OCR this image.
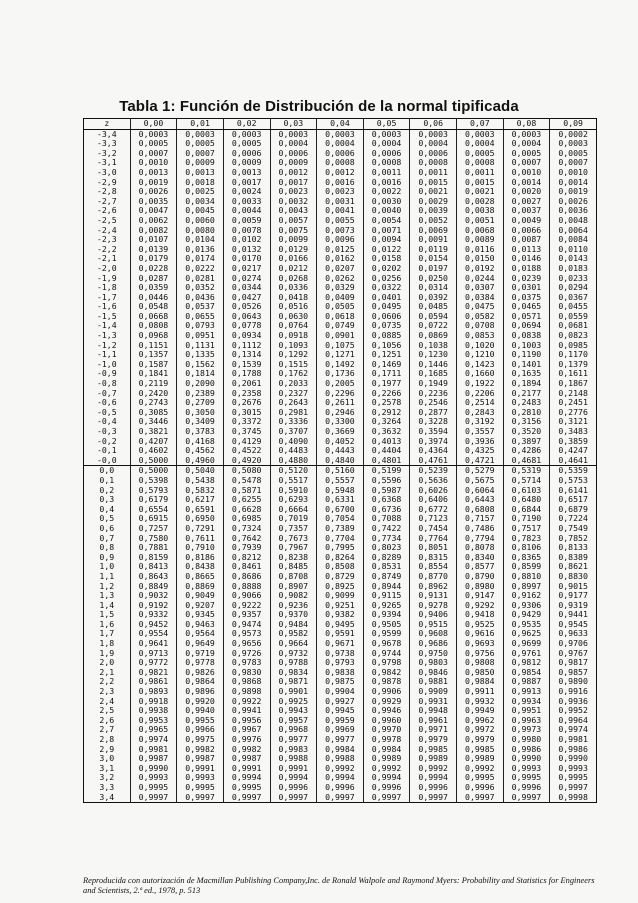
Tabla 1: Función de Distribución de la normal tipificada
z	0,00	0,01	0,02	0,03	0,04	0,05	0,06	0,07	0,08	0,09
-3,4	0,0003	0,0003	0,0003	0,0003	0,0003	0,0003	0,0003	0,0003	0,0003	0,0002
-3,3	0,0005	0,0005	0,0005	0,0004	0,0004	0,0004	0,0004	0,0004	0,0004	0,0003
-3,2	0,0007	0,0007	0,0006	0,0006	0,0006	0,0006	0,0006	0,0005	0,0005	0,0005
-3,1	0,0010	0,0009	0,0009	0,0009	0,0008	0,0008	0,0008	0,0008	0,0007	0,0007
-3,0	0,0013	0,0013	0,0013	0,0012	0,0012	0,0011	0,0011	0,0011	0,0010	0,0010
-2,9	0,0019	0,0018	0,0017	0,0017	0,0016	0,0016	0,0015	0,0015	0,0014	0,0014
-2,8	0,0026	0,0025	0,0024	0,0023	0,0023	0,0022	0,0021	0,0021	0,0020	0,0019
-2,7	0,0035	0,0034	0,0033	0,0032	0,0031	0,0030	0,0029	0,0028	0,0027	0,0026
-2,6	0,0047	0,0045	0,0044	0,0043	0,0041	0,0040	0,0039	0,0038	0,0037	0,0036
-2,5	0,0062	0,0060	0,0059	0,0057	0,0055	0,0054	0,0052	0,0051	0,0049	0,0048
-2,4	0,0082	0,0080	0,0078	0,0075	0,0073	0,0071	0,0069	0,0068	0,0066	0,0064
-2,3	0,0107	0,0104	0,0102	0,0099	0,0096	0,0094	0,0091	0,0089	0,0087	0,0084
-2,2	0,0139	0,0136	0,0132	0,0129	0,0125	0,0122	0,0119	0,0116	0,0113	0,0110
-2,1	0,0179	0,0174	0,0170	0,0166	0,0162	0,0158	0,0154	0,0150	0,0146	0,0143
-2,0	0,0228	0,0222	0,0217	0,0212	0,0207	0,0202	0,0197	0,0192	0,0188	0,0183
-1,9	0,0287	0,0281	0,0274	0,0268	0,0262	0,0256	0,0250	0,0244	0,0239	0,0233
-1,8	0,0359	0,0352	0,0344	0,0336	0,0329	0,0322	0,0314	0,0307	0,0301	0,0294
-1,7	0,0446	0,0436	0,0427	0,0418	0,0409	0,0401	0,0392	0,0384	0,0375	0,0367
-1,6	0,0548	0,0537	0,0526	0,0516	0,0505	0,0495	0,0485	0,0475	0,0465	0,0455
-1,5	0,0668	0,0655	0,0643	0,0630	0,0618	0,0606	0,0594	0,0582	0,0571	0,0559
-1,4	0,0808	0,0793	0,0778	0,0764	0,0749	0,0735	0,0722	0,0708	0,0694	0,0681
-1,3	0,0968	0,0951	0,0934	0,0918	0,0901	0,0885	0,0869	0,0853	0,0838	0,0823
-1,2	0,1151	0,1131	0,1112	0,1093	0,1075	0,1056	0,1038	0,1020	0,1003	0,0985
-1,1	0,1357	0,1335	0,1314	0,1292	0,1271	0,1251	0,1230	0,1210	0,1190	0,1170
-1,0	0,1587	0,1562	0,1539	0,1515	0,1492	0,1469	0,1446	0,1423	0,1401	0,1379
-0,9	0,1841	0,1814	0,1788	0,1762	0,1736	0,1711	0,1685	0,1660	0,1635	0,1611
-0,8	0,2119	0,2090	0,2061	0,2033	0,2005	0,1977	0,1949	0,1922	0,1894	0,1867
-0,7	0,2420	0,2389	0,2358	0,2327	0,2296	0,2266	0,2236	0,2206	0,2177	0,2148
-0,6	0,2743	0,2709	0,2676	0,2643	0,2611	0,2578	0,2546	0,2514	0,2483	0,2451
-0,5	0,3085	0,3050	0,3015	0,2981	0,2946	0,2912	0,2877	0,2843	0,2810	0,2776
-0,4	0,3446	0,3409	0,3372	0,3336	0,3300	0,3264	0,3228	0,3192	0,3156	0,3121
-0,3	0,3821	0,3783	0,3745	0,3707	0,3669	0,3632	0,3594	0,3557	0,3520	0,3483
-0,2	0,4207	0,4168	0,4129	0,4090	0,4052	0,4013	0,3974	0,3936	0,3897	0,3859
-0,1	0,4602	0,4562	0,4522	0,4483	0,4443	0,4404	0,4364	0,4325	0,4286	0,4247
-0,0	0,5000	0,4960	0,4920	0,4880	0,4840	0,4801	0,4761	0,4721	0,4681	0,4641
0,0	0,5000	0,5040	0,5080	0,5120	0,5160	0,5199	0,5239	0,5279	0,5319	0,5359
0,1	0,5398	0,5438	0,5478	0,5517	0,5557	0,5596	0,5636	0,5675	0,5714	0,5753
0,2	0,5793	0,5832	0,5871	0,5910	0,5948	0,5987	0,6026	0,6064	0,6103	0,6141
0,3	0,6179	0,6217	0,6255	0,6293	0,6331	0,6368	0,6406	0,6443	0,6480	0,6517
0,4	0,6554	0,6591	0,6628	0,6664	0,6700	0,6736	0,6772	0,6808	0,6844	0,6879
0,5	0,6915	0,6950	0,6985	0,7019	0,7054	0,7088	0,7123	0,7157	0,7190	0,7224
0,6	0,7257	0,7291	0,7324	0,7357	0,7389	0,7422	0,7454	0,7486	0,7517	0,7549
0,7	0,7580	0,7611	0,7642	0,7673	0,7704	0,7734	0,7764	0,7794	0,7823	0,7852
0,8	0,7881	0,7910	0,7939	0,7967	0,7995	0,8023	0,8051	0,8078	0,8106	0,8133
0,9	0,8159	0,8186	0,8212	0,8238	0,8264	0,8289	0,8315	0,8340	0,8365	0,8389
1,0	0,8413	0,8438	0,8461	0,8485	0,8508	0,8531	0,8554	0,8577	0,8599	0,8621
1,1	0,8643	0,8665	0,8686	0,8708	0,8729	0,8749	0,8770	0,8790	0,8810	0,8830
1,2	0,8849	0,8869	0,8888	0,8907	0,8925	0,8944	0,8962	0,8980	0,8997	0,9015
1,3	0,9032	0,9049	0,9066	0,9082	0,9099	0,9115	0,9131	0,9147	0,9162	0,9177
1,4	0,9192	0,9207	0,9222	0,9236	0,9251	0,9265	0,9278	0,9292	0,9306	0,9319
1,5	0,9332	0,9345	0,9357	0,9370	0,9382	0,9394	0,9406	0,9418	0,9429	0,9441
1,6	0,9452	0,9463	0,9474	0,9484	0,9495	0,9505	0,9515	0,9525	0,9535	0,9545
1,7	0,9554	0,9564	0,9573	0,9582	0,9591	0,9599	0,9608	0,9616	0,9625	0,9633
1,8	0,9641	0,9649	0,9656	0,9664	0,9671	0,9678	0,9686	0,9693	0,9699	0,9706
1,9	0,9713	0,9719	0,9726	0,9732	0,9738	0,9744	0,9750	0,9756	0,9761	0,9767
2,0	0,9772	0,9778	0,9783	0,9788	0,9793	0,9798	0,9803	0,9808	0,9812	0,9817
2,1	0,9821	0,9826	0,9830	0,9834	0,9838	0,9842	0,9846	0,9850	0,9854	0,9857
2,2	0,9861	0,9864	0,9868	0,9871	0,9875	0,9878	0,9881	0,9884	0,9887	0,9890
2,3	0,9893	0,9896	0,9898	0,9901	0,9904	0,9906	0,9909	0,9911	0,9913	0,9916
2,4	0,9918	0,9920	0,9922	0,9925	0,9927	0,9929	0,9931	0,9932	0,9934	0,9936
2,5	0,9938	0,9940	0,9941	0,9943	0,9945	0,9946	0,9948	0,9949	0,9951	0,9952
2,6	0,9953	0,9955	0,9956	0,9957	0,9959	0,9960	0,9961	0,9962	0,9963	0,9964
2,7	0,9965	0,9966	0,9967	0,9968	0,9969	0,9970	0,9971	0,9972	0,9973	0,9974
2,8	0,9974	0,9975	0,9976	0,9977	0,9977	0,9978	0,9979	0,9979	0,9980	0,9981
2,9	0,9981	0,9982	0,9982	0,9983	0,9984	0,9984	0,9985	0,9985	0,9986	0,9986
3,0	0,9987	0,9987	0,9987	0,9988	0,9988	0,9989	0,9989	0,9989	0,9990	0,9990
3,1	0,9990	0,9991	0,9991	0,9991	0,9992	0,9992	0,9992	0,9992	0,9993	0,9993
3,2	0,9993	0,9993	0,9994	0,9994	0,9994	0,9994	0,9994	0,9995	0,9995	0,9995
3,3	0,9995	0,9995	0,9995	0,9996	0,9996	0,9996	0,9996	0,9996	0,9996	0,9997
3,4	0,9997	0,9997	0,9997	0,9997	0,9997	0,9997	0,9997	0,9997	0,9997	0,9998
Reproducida con autorización de Macmillan Publishing Company,Inc. de Ronald Walpole and Raymond Myers: Probability and Statistics for Engineers and Scientists, 2.ª ed., 1978, p. 513
